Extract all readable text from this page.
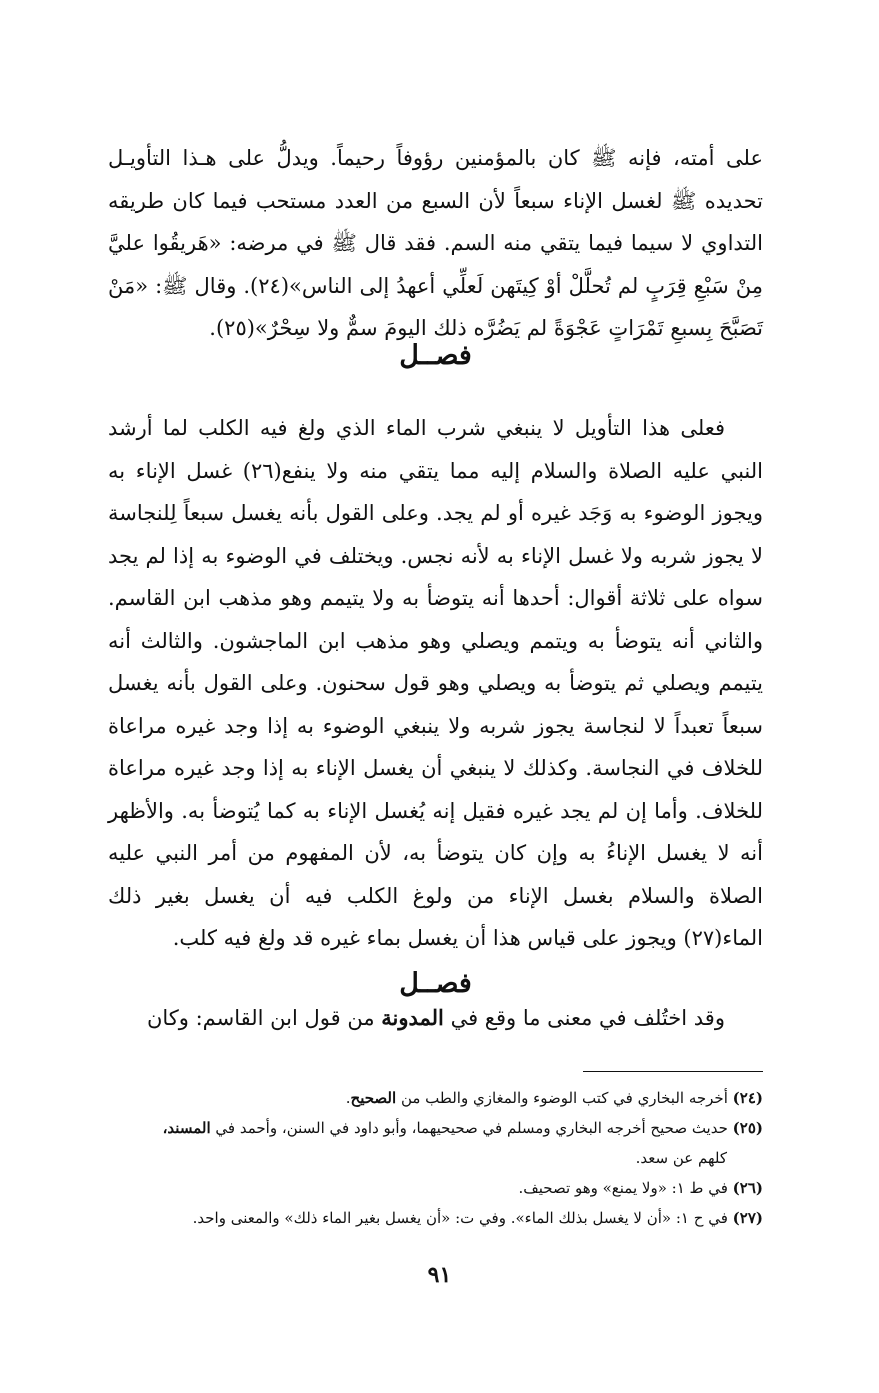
على أمته، فإنه ﷺ كان بالمؤمنين رؤوفاً رحيماً. ويدلُّ على هـذا التأويـل تحديده ﷺ لغسل الإناء سبعاً لأن السبع من العدد مستحب فيما كان طريقه التداوي لا سيما فيما يتقي منه السم. فقد قال ﷺ في مرضه: «هَريقُوا عليَّ مِنْ سَبْعِ قِرَبٍ لم تُحلَّلْ أوْ كِيتَهن لَعلِّي أعهدُ إلى الناس»(٢٤). وقال ﷺ: «مَنْ تَصَبَّحَ بِسبعِ تَمْرَاتٍ عَجْوَةً لم يَضُرَّه ذلك اليومَ سمٌّ ولا سِحْرٌ»(٢٥).

فصــل

فعلى هذا التأويل لا ينبغي شرب الماء الذي ولغ فيه الكلب لما أرشد النبي عليه الصلاة والسلام إليه مما يتقي منه ولا ينفع(٢٦) غسل الإناء به ويجوز الوضوء به وَجَد غيره أو لم يجد. وعلى القول بأنه يغسل سبعاً لِلنجاسة لا يجوز شربه ولا غسل الإناء به لأنه نجس. ويختلف في الوضوء به إذا لم يجد سواه على ثلاثة أقوال: أحدها أنه يتوضأ به ولا يتيمم وهو مذهب ابن القاسم. والثاني أنه يتوضأ به ويتمم ويصلي وهو مذهب ابن الماجشون. والثالث أنه يتيمم ويصلي ثم يتوضأ به ويصلي وهو قول سحنون. وعلى القول بأنه يغسل سبعاً تعبداً لا لنجاسة يجوز شربه ولا ينبغي الوضوء به إذا وجد غيره مراعاة للخلاف في النجاسة. وكذلك لا ينبغي أن يغسل الإناء به إذا وجد غيره مراعاة للخلاف. وأما إن لم يجد غيره فقيل إنه يُغسل الإناء به كما يُتوضأ به. والأظهر أنه لا يغسل الإناءُ به وإن كان يتوضأ به، لأن المفهوم من أمر النبي عليه الصلاة والسلام بغسل الإناء من ولوغ الكلب فيه أن يغسل بغير ذلك الماء(٢٧) ويجوز على قياس هذا أن يغسل بماء غيره قد ولغ فيه كلب.

فصــل

وقد اختُلف في معنى ما وقع في المدونة من قول ابن القاسم: وكان

(٢٤) أخرجه البخاري في كتب الوضوء والمغازي والطب من الصحيح.

(٢٥) حديث صحيح أخرجه البخاري ومسلم في صحيحيهما، وأبو داود في السنن، وأحمد في المسند،

كلهم عن سعد.

(٢٦) في ط ١: «ولا يمنع» وهو تصحيف.

(٢٧) في ح ١: «أن لا يغسل بذلك الماء». وفي ت: «أن يغسل بغير الماء ذلك» والمعنى واحد.

٩١
